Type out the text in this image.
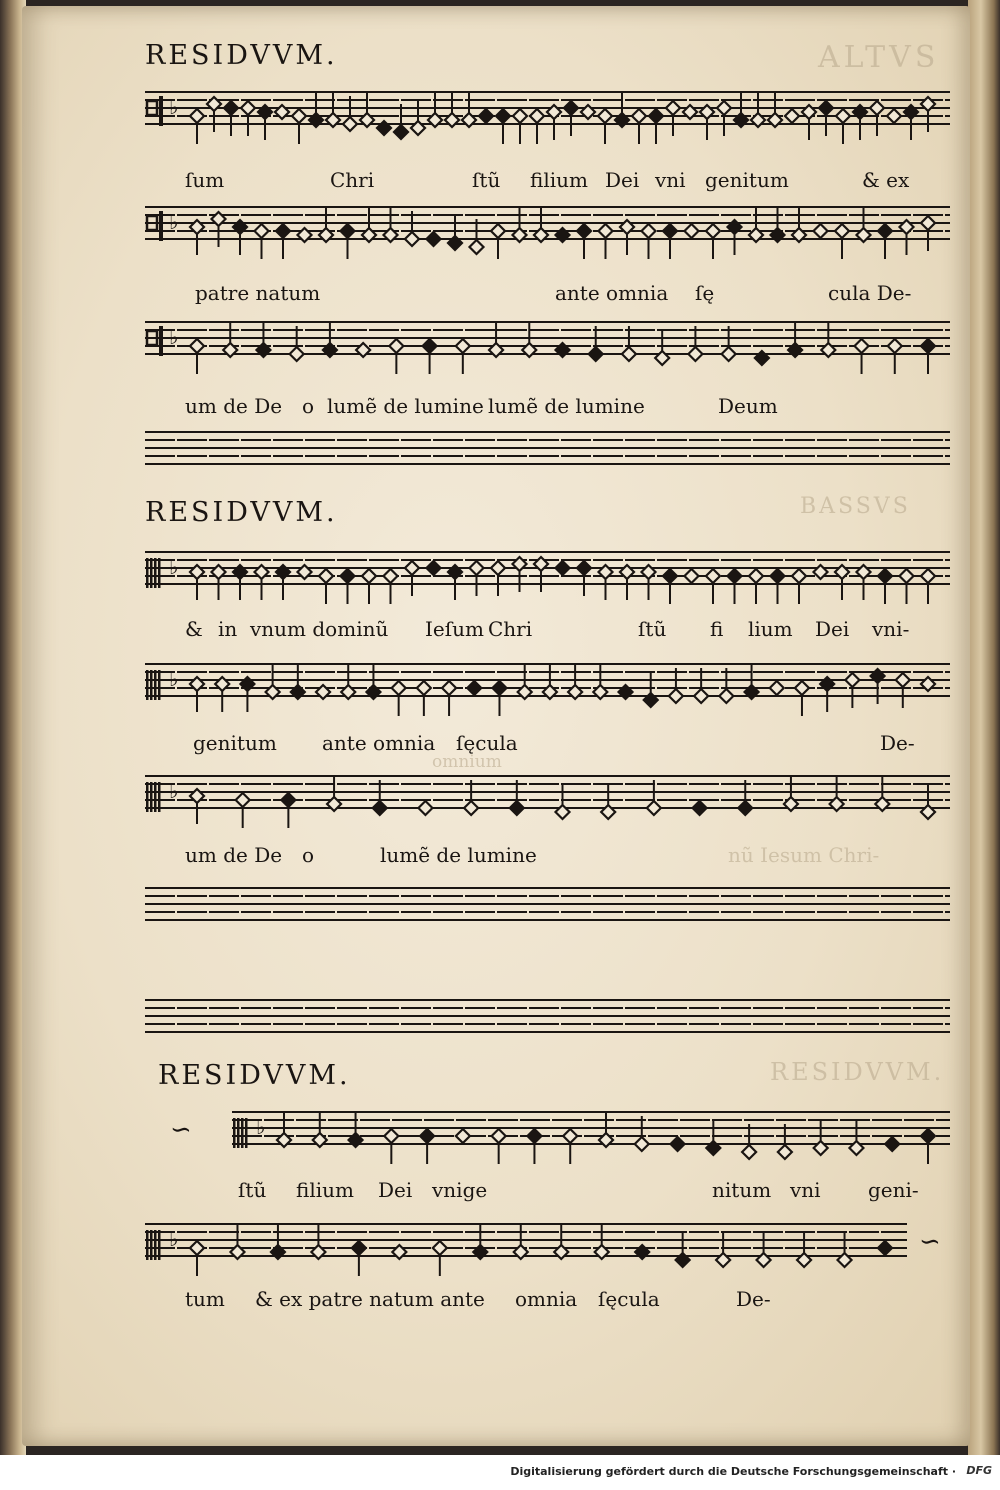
ALTVS
BASSVS
RESIDVVM.
nũ Iesum Chri-
omnium
RESIDVVM.
RESIDVVM.
RESIDVVM.
♭
ſum	Chri	ſtũ filium Dei vni genitum	& ex
♭
patre natum	ante omnia ſę	cula De-
♭
um de De o lumẽ de lumine lumẽ de lumine	Deum
♭
& in vnum dominũ Ieſum Chri	ſtũ fi lium Dei vni-
♭
genitum ante omnia ſęcula	De-
♭
um de De o	lumẽ de lumine
∽	♭
ſtũ filium Dei vnige	nitum vni geni-
♭	∽
tum & ex patre natum ante omnia ſęcula	De-
Digitalisierung gefördert durch die Deutsche Forschungsgemeinschaft · DFG
